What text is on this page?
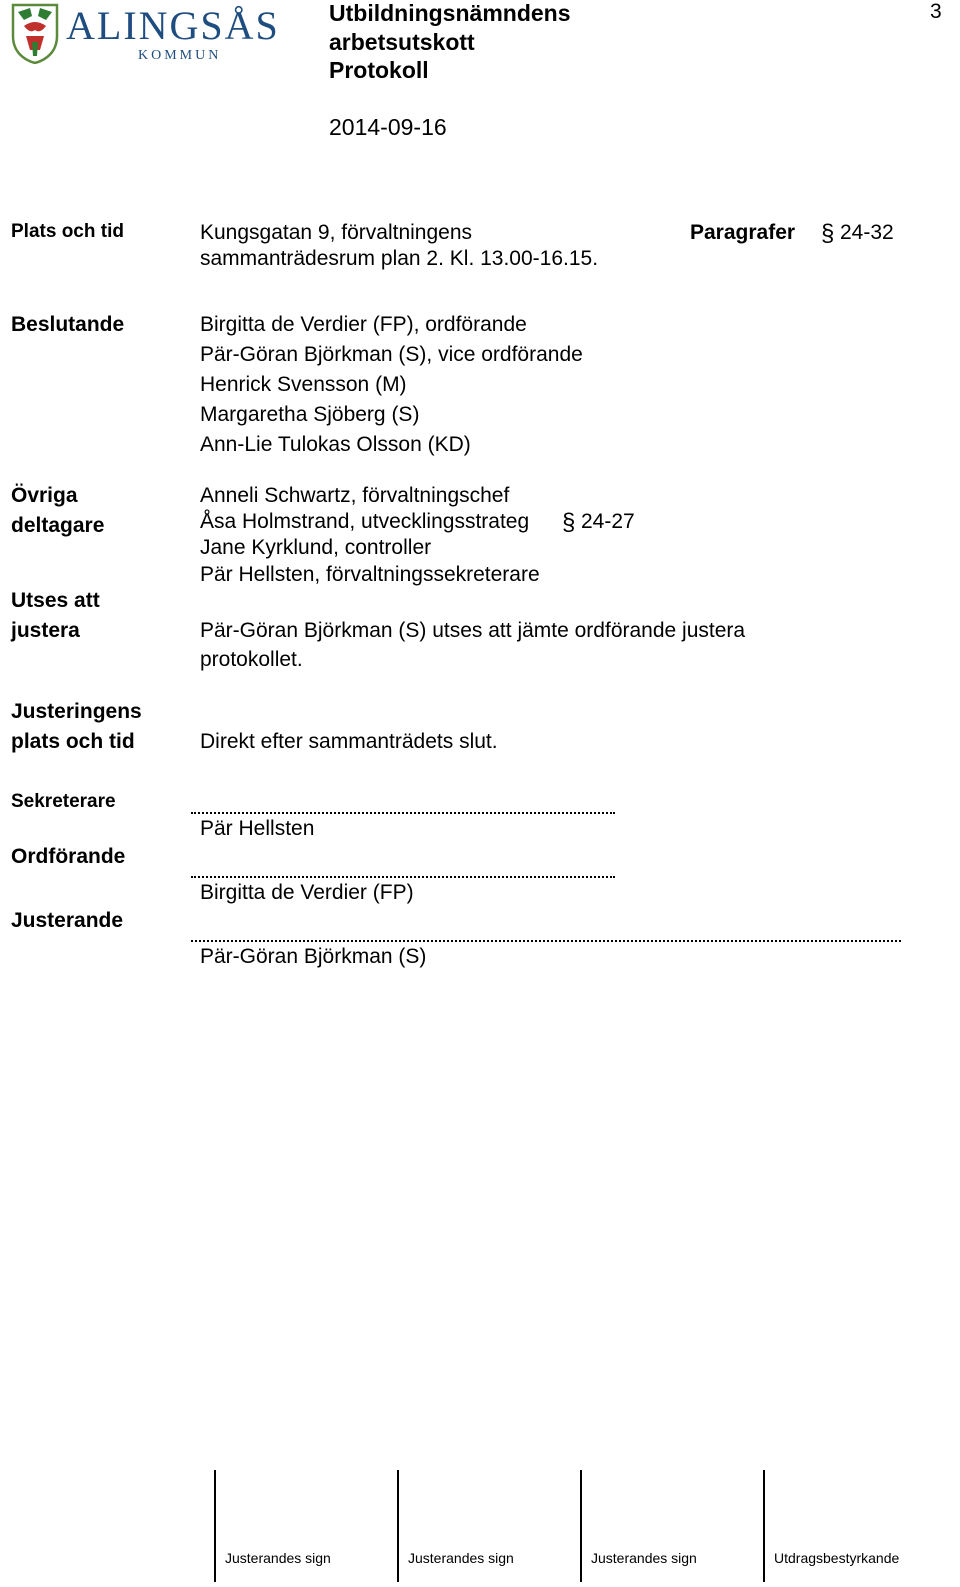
ALINGSÅS
KOMMUN
Utbildningsnämndens
arbetsutskott
Protokoll
2014-09-16
3
Plats och tid	Kungsgatan 9, förvaltningens
sammanträdesrum plan 2. Kl. 13.00-16.15.
Paragrafer § 24-32
Beslutande	Birgitta de Verdier (FP), ordförande
Pär-Göran Björkman (S), vice ordförande
Henrick Svensson (M)
Margaretha Sjöberg (S)
Ann-Lie Tulokas Olsson (KD)
Övriga
deltagare
Anneli Schwartz, förvaltningschef
Åsa Holmstrand, utvecklingsstrateg § 24-27
Jane Kyrklund, controller
Pär Hellsten, förvaltningssekreterare
Utses att
justera	Pär-Göran Björkman (S) utses att jämte ordförande justera
protokollet.
Justeringens
plats och tid	Direkt efter sammanträdets slut.
Sekreterare
Pär Hellsten
Ordförande
Birgitta de Verdier (FP)
Justerande
Pär-Göran Björkman (S)
Justerandes sign	Justerandes sign	Justerandes sign	Utdragsbestyrkande
